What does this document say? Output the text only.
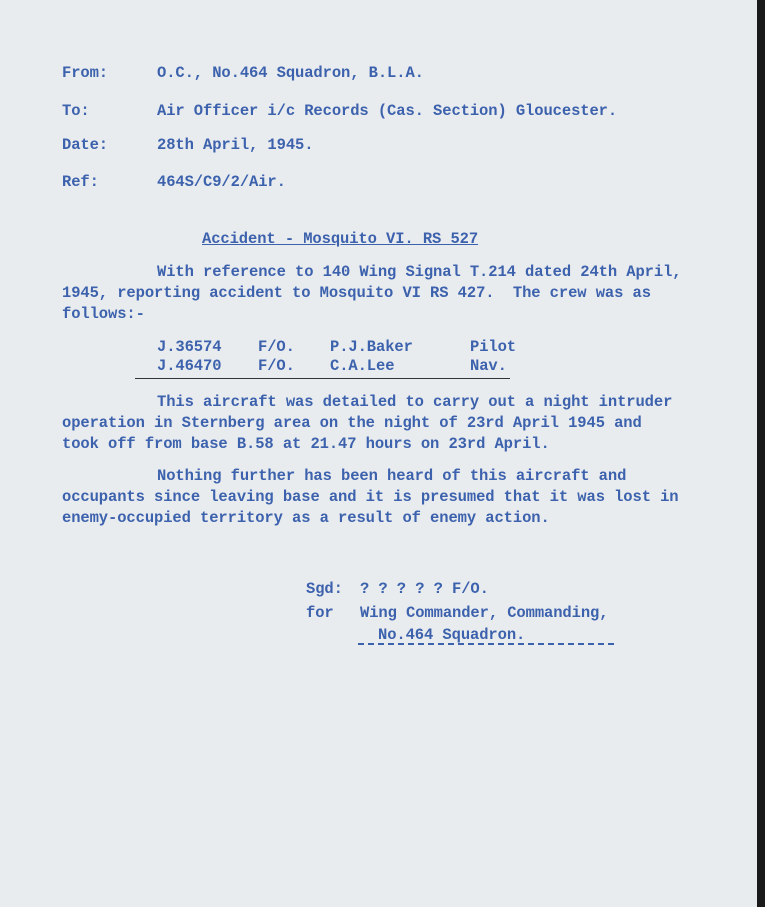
From:	O.C., No.464 Squadron, B.L.A.
To:	Air Officer i/c Records (Cas. Section) Gloucester.
Date:	28th April, 1945.
Ref:	464S/C9/2/Air.
Accident - Mosquito VI. RS 527
With reference to 140 Wing Signal T.214 dated 24th April,
1945, reporting accident to Mosquito VI RS 427.  The crew was as
follows:-
J.36574 F/O. P.J.Baker	Pilot
J.46470 F/O. C.A.Lee	Nav.
This aircraft was detailed to carry out a night intruder
operation in Sternberg area on the night of 23rd April 1945 and
took off from base B.58 at 21.47 hours on 23rd April.
Nothing further has been heard of this aircraft and
occupants since leaving base and it is presumed that it was lost in
enemy-occupied territory as a result of enemy action.
Sgd: ? ? ? ? ? F/O.
for Wing Commander, Commanding,
No.464 Squadron.
